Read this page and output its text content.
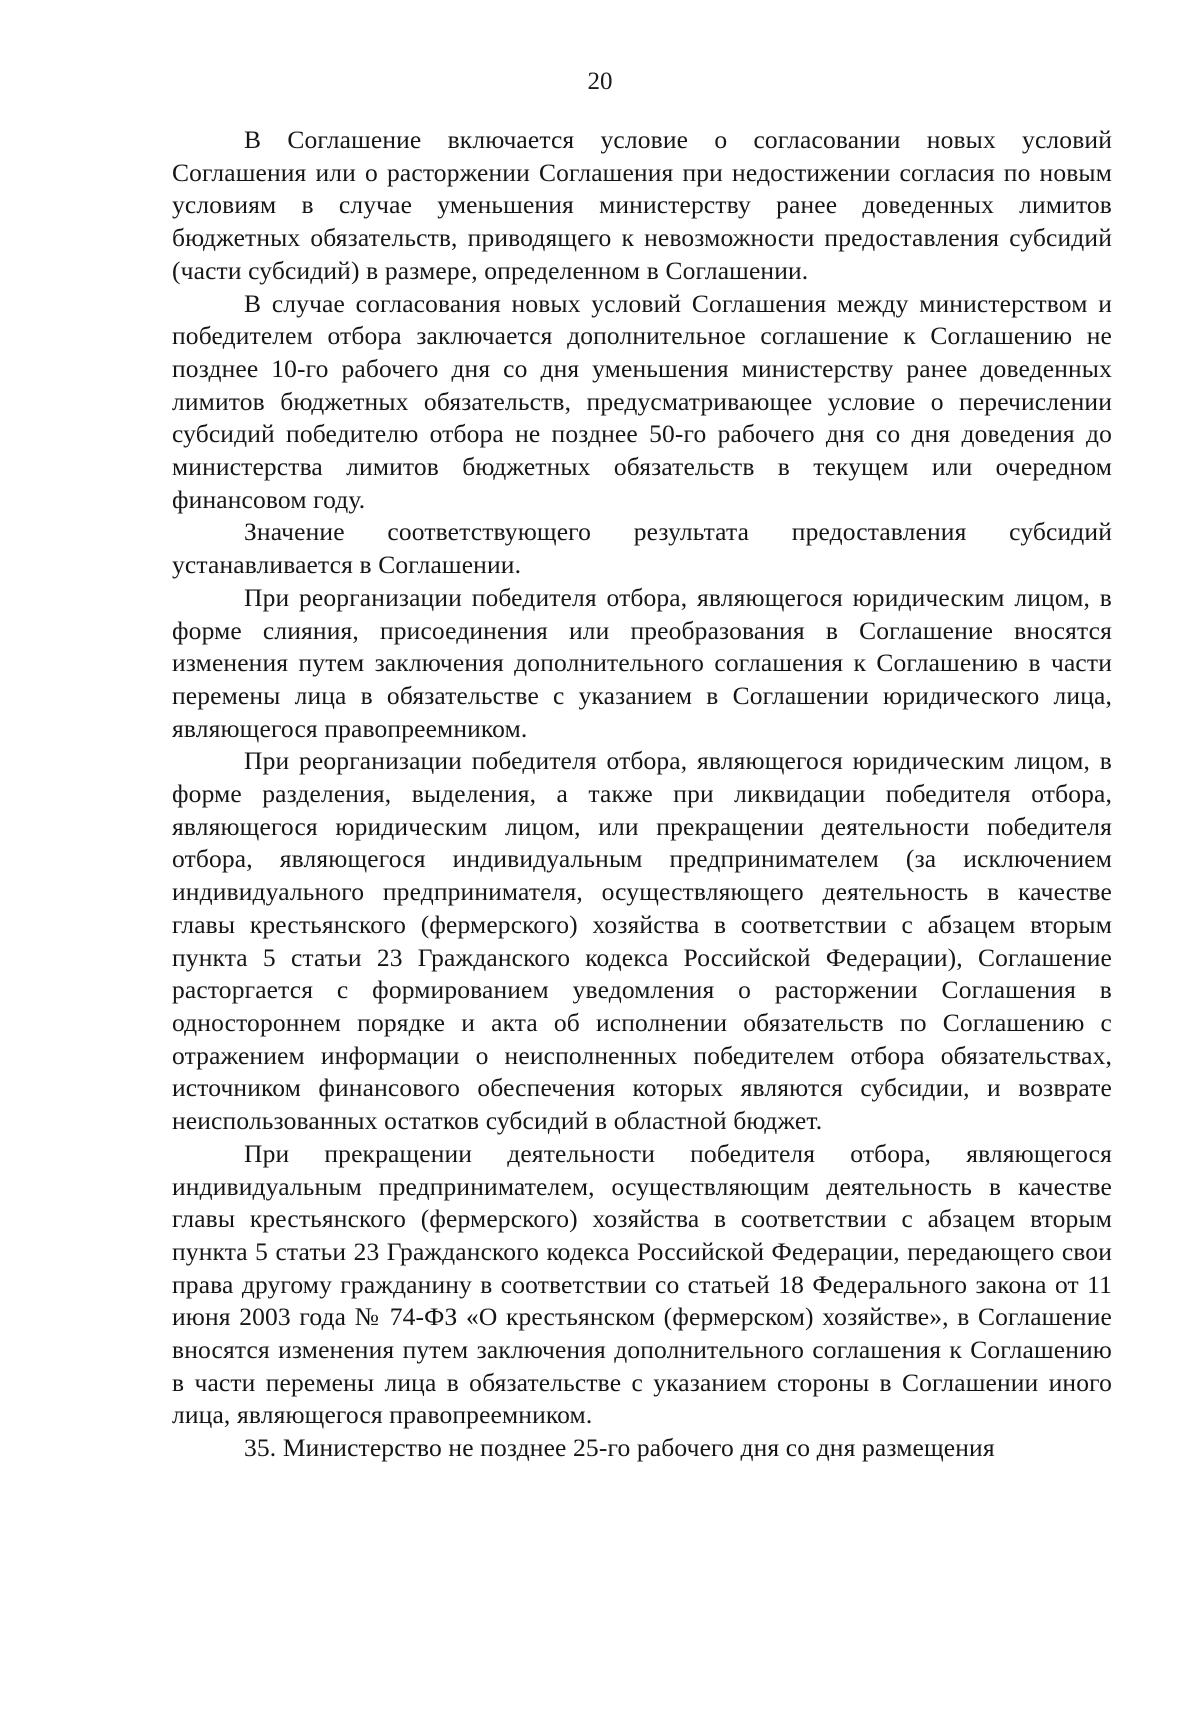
20

В Соглашение включается условие о согласовании новых условий Соглашения или о расторжении Соглашения при недостижении согласия по новым условиям в случае уменьшения министерству ранее доведенных лимитов бюджетных обязательств, приводящего к невозможности предоставления субсидий (части субсидий) в размере, определенном в Соглашении.

В случае согласования новых условий Соглашения между министерством и победителем отбора заключается дополнительное соглашение к Соглашению не позднее 10-го рабочего дня со дня уменьшения министерству ранее доведенных лимитов бюджетных обязательств, предусматривающее условие о перечислении субсидий победителю отбора не позднее 50-го рабочего дня со дня доведения до министерства лимитов бюджетных обязательств в текущем или очередном финансовом году.

Значение соответствующего результата предоставления субсидий устанавливается в Соглашении.

При реорганизации победителя отбора, являющегося юридическим лицом, в форме слияния, присоединения или преобразования в Соглашение вносятся изменения путем заключения дополнительного соглашения к Соглашению в части перемены лица в обязательстве с указанием в Соглашении юридического лица, являющегося правопреемником.

При реорганизации победителя отбора, являющегося юридическим лицом, в форме разделения, выделения, а также при ликвидации победителя отбора, являющегося юридическим лицом, или прекращении деятельности победителя отбора, являющегося индивидуальным предпринимателем (за исключением индивидуального предпринимателя, осуществляющего деятельность в качестве главы крестьянского (фермерского) хозяйства в соответствии с абзацем вторым пункта 5 статьи 23 Гражданского кодекса Российской Федерации), Соглашение расторгается с формированием уведомления о расторжении Соглашения в одностороннем порядке и акта об исполнении обязательств по Соглашению с отражением информации о неисполненных победителем отбора обязательствах, источником финансового обеспечения которых являются субсидии, и возврате неиспользованных остатков субсидий в областной бюджет.

При прекращении деятельности победителя отбора, являющегося индивидуальным предпринимателем, осуществляющим деятельность в качестве главы крестьянского (фермерского) хозяйства в соответствии с абзацем вторым пункта 5 статьи 23 Гражданского кодекса Российской Федерации, передающего свои права другому гражданину в соответствии со статьей 18 Федерального закона от 11 июня 2003 года № 74-ФЗ «О крестьянском (фермерском) хозяйстве», в Соглашение вносятся изменения путем заключения дополнительного соглашения к Соглашению в части перемены лица в обязательстве с указанием стороны в Соглашении иного лица, являющегося правопреемником.

35. Министерство не позднее 25-го рабочего дня со дня размещения
